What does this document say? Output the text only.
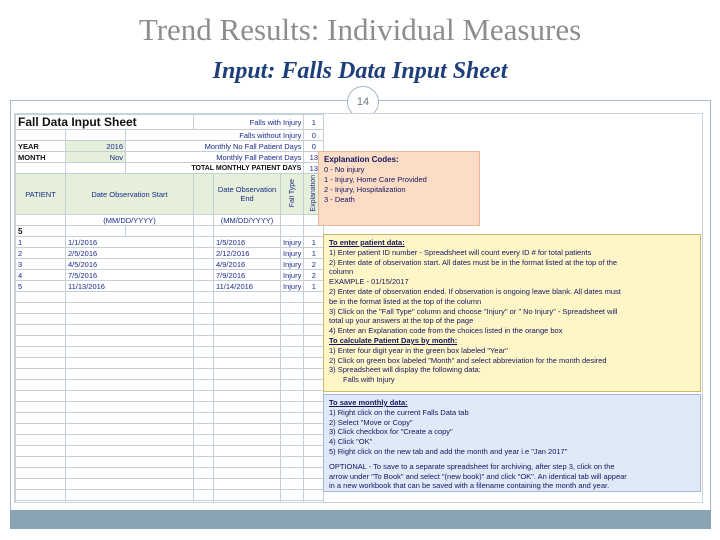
Trend Results: Individual Measures
Input: Falls Data Input Sheet
14
Fall Data Input Sheet			Falls with Injury			1
		Falls without Injury				0
YEAR	2016	Monthly No Fall Patient Days				0
MONTH	Nov	Monthly Fall Patient Days				13
		TOTAL MONTHLY PATIENT DAYS				13
PATIENT	Date Observation Start			Date Observation End	Fall Type	Explanation
	(MM/DD/YYYY)			(MM/DD/YYYY)		
5						
1	1/1/2016			1/5/2016	Injury	1
2	2/5/2016			2/12/2016	Injury	1
3	4/5/2016			4/9/2016	Injury	2
4	7/5/2016			7/9/2016	Injury	2
5	11/13/2016			11/14/2016	Injury	1

Explanation Codes:
0 - No injury
1 - Injury, Home Care Provided
2 - Injury, Hospitalization
3 - Death
To enter patient data:
1) Enter patient ID number - Spreadsheet will count every ID # for total patients
2) Enter date of observation start. All dates must be in the format listed at the top of the
column
EXAMPLE - 01/15/2017
2) Enter date of observation ended. If observation is ongoing leave blank. All dates must
be in the format listed at the top of the column
3) Click on the "Fall Type" column and choose "Injury" or " No Injury" - Spreadsheet will
total up your answers at the top of the page
4) Enter an Explanation code from the choices listed in the orange box
To calculate Patient Days by month:
1) Enter four digit year in the green box labeled "Year"
2) Click on green box labeled "Month" and select abbreviation for the month desired
3) Spreadsheet will display the following data:
Falls with Injury
To save monthly data:
1) Right click on the current Falls Data tab
2) Select "Move or Copy"
3) Click checkbox for "Create a copy"
4) Click "OK"
5) Right click on the new tab and add the month and year i.e "Jan 2017"
OPTIONAL - To save to a separate spreadsheet for archiving, after step 3, click on the
arrow under "To Book" and select "(new book)" and click "OK". An identical tab will appear
in a new workbook that can be saved with a filename containing the month and year.
